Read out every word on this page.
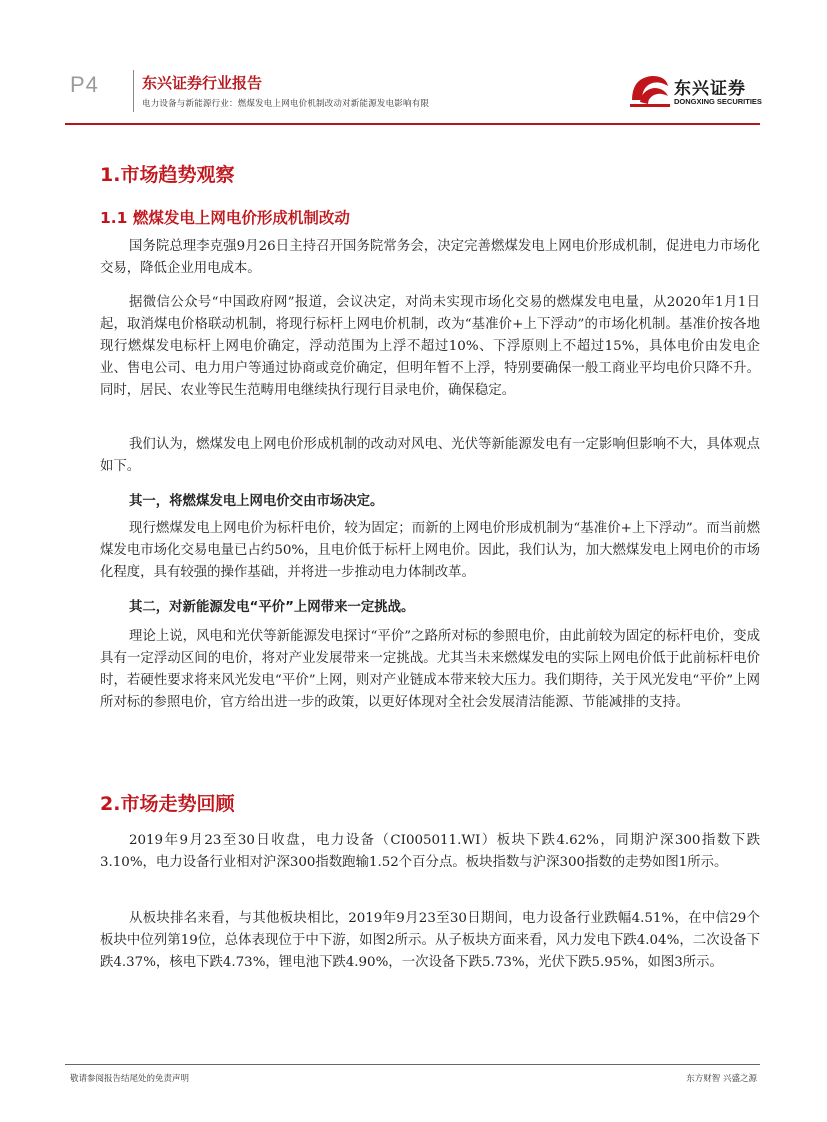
P4	东兴证券行业报告
电力设备与新能源行业：燃煤发电上网电价机制改动对新能源发电影响有限
东兴证券
DONGXING SECURITIES
1.市场趋势观察
1.1 燃煤发电上网电价形成机制改动
国务院总理李克强9月26日主持召开国务院常务会，决定完善燃煤发电上网电价形成机制，促进电力市场化交易，降低企业用电成本。
据微信公众号“中国政府网”报道，会议决定，对尚未实现市场化交易的燃煤发电电量，从2020年1月1日起，取消煤电价格联动机制，将现行标杆上网电价机制，改为“基准价+上下浮动”的市场化机制。基准价按各地现行燃煤发电标杆上网电价确定，浮动范围为上浮不超过10%、下浮原则上不超过15%，具体电价由发电企业、售电公司、电力用户等通过协商或竞价确定，但明年暂不上浮，特别要确保一般工商业平均电价只降不升。同时，居民、农业等民生范畴用电继续执行现行目录电价，确保稳定。
我们认为，燃煤发电上网电价形成机制的改动对风电、光伏等新能源发电有一定影响但影响不大，具体观点如下。
其一，将燃煤发电上网电价交由市场决定。
现行燃煤发电上网电价为标杆电价，较为固定；而新的上网电价形成机制为“基准价+上下浮动”。而当前燃煤发电市场化交易电量已占约50%，且电价低于标杆上网电价。因此，我们认为，加大燃煤发电上网电价的市场化程度，具有较强的操作基础，并将进一步推动电力体制改革。
其二，对新能源发电“平价”上网带来一定挑战。
理论上说，风电和光伏等新能源发电探讨“平价”之路所对标的参照电价，由此前较为固定的标杆电价，变成具有一定浮动区间的电价，将对产业发展带来一定挑战。尤其当未来燃煤发电的实际上网电价低于此前标杆电价时，若硬性要求将来风光发电“平价”上网，则对产业链成本带来较大压力。我们期待，关于风光发电“平价”上网所对标的参照电价，官方给出进一步的政策，以更好体现对全社会发展清洁能源、节能减排的支持。
2.市场走势回顾
2019年9月23至30日收盘，电力设备（CI005011.WI）板块下跌4.62%，同期沪深300指数下跌3.10%，电力设备行业相对沪深300指数跑输1.52个百分点。板块指数与沪深300指数的走势如图1所示。
从板块排名来看，与其他板块相比，2019年9月23至30日期间，电力设备行业跌幅4.51%，在中信29个板块中位列第19位，总体表现位于中下游，如图2所示。从子板块方面来看，风力发电下跌4.04%，二次设备下跌4.37%，核电下跌4.73%，锂电池下跌4.90%，一次设备下跌5.73%，光伏下跌5.95%，如图3所示。
敬请参阅报告结尾处的免责声明	东方财智 兴盛之源
